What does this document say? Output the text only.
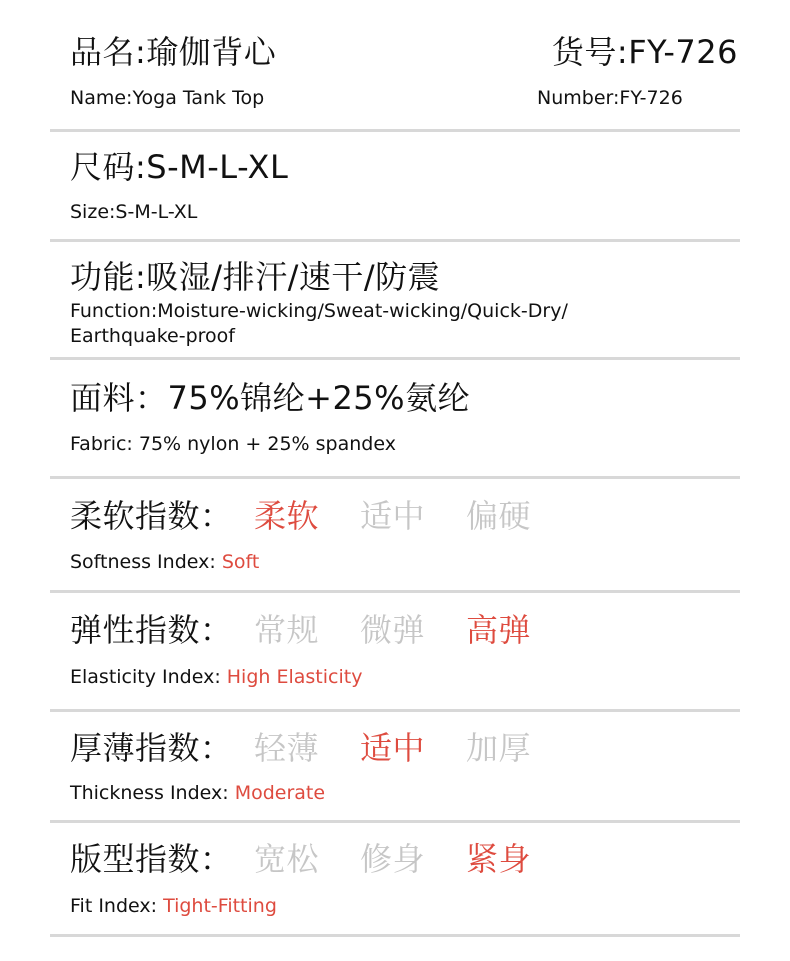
品名:瑜伽背心
Name:Yoga Tank Top
货号:FY-726
Number:FY-726
尺码:S-M-L-XL
Size:S-M-L-XL
功能:吸湿/排汗/速干/防震
Function:Moisture-wicking/Sweat-wicking/Quick-Dry/
Earthquake-proof
面料：75%锦纶+25%氨纶
Fabric: 75% nylon + 25% spandex
柔软指数： 柔软 适中 偏硬
Softness Index: Soft
弹性指数： 常规 微弹 高弹
Elasticity Index: High Elasticity
厚薄指数： 轻薄 适中 加厚
Thickness Index: Moderate
版型指数： 宽松 修身 紧身
Fit Index: Tight-Fitting
